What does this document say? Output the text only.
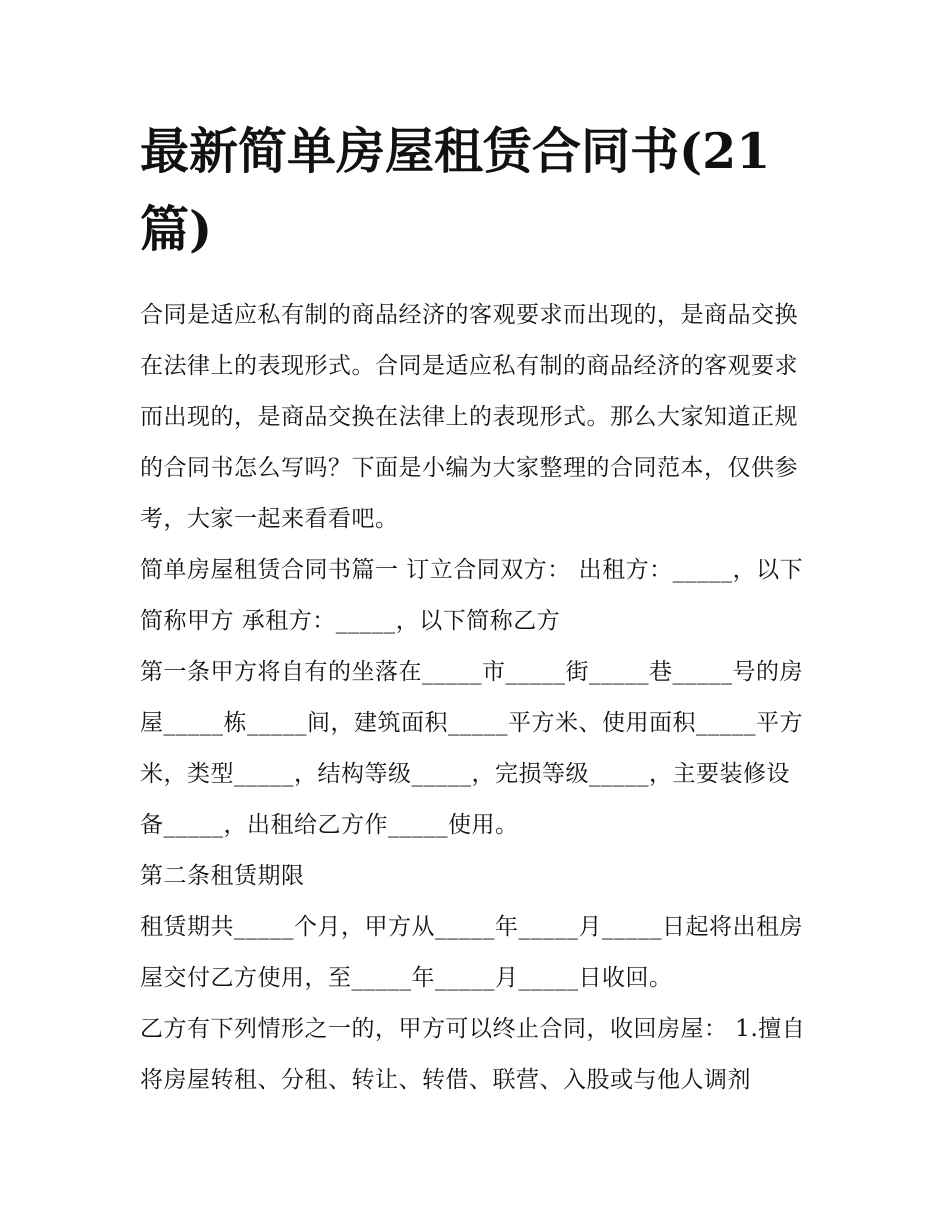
最新简单房屋租赁合同书(21篇)

合同是适应私有制的商品经济的客观要求而出现的，是商品交换在法律上的表现形式。合同是适应私有制的商品经济的客观要求而出现的，是商品交换在法律上的表现形式。那么大家知道正规的合同书怎么写吗？下面是小编为大家整理的合同范本，仅供参考，大家一起来看看吧。

简单房屋租赁合同书篇一 订立合同双方： 出租方：_____，以下简称甲方 承租方：_____，以下简称乙方

第一条甲方将自有的坐落在_____市_____街_____巷_____号的房屋_____栋_____间，建筑面积_____平方米、使用面积_____平方米，类型_____，结构等级_____，完损等级_____，主要装修设备_____，出租给乙方作_____使用。

第二条租赁期限

租赁期共_____个月，甲方从_____年_____月_____日起将出租房屋交付乙方使用，至_____年_____月_____日收回。

乙方有下列情形之一的，甲方可以终止合同，收回房屋： 1.擅自将房屋转租、分租、转让、转借、联营、入股或与他人调剂
